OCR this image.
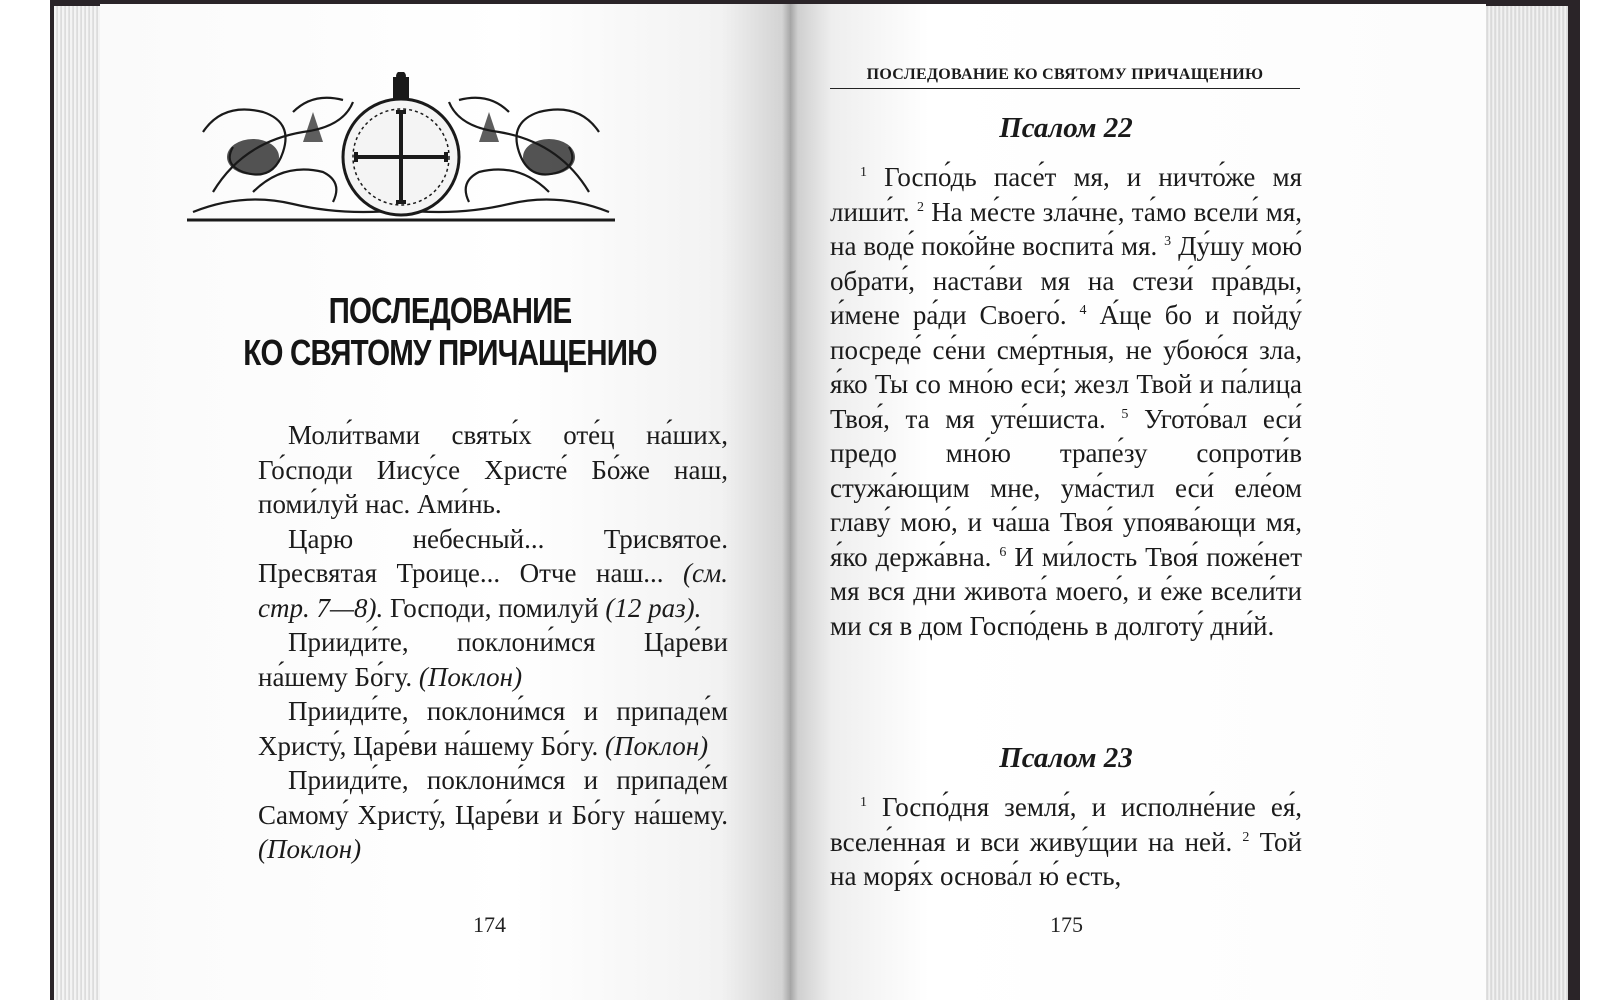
ПОСЛЕДОВАНИЕ
КО СВЯТОМУ ПРИЧАЩЕНИЮ

Моли́твами святы́х оте́ц на́ших, Го́споди Иису́се Христе́ Бо́же наш, поми́луй нас. Ами́нь.

Царю небесный... Трисвятое. Пресвятая Троице... Отче наш... (см. стр. 7—8). Господи, помилуй (12 раз).

Прииди́те, поклони́мся Царе́ви на́шему Бо́гу. (Поклон)

Прииди́те, поклони́мся и припаде́м Христу́, Царе́ви на́шему Бо́гу. (Поклон)

Прииди́те, поклони́мся и припаде́м Самому́ Христу́, Царе́ви и Бо́гу на́шему. (Поклон)

174
ПОСЛЕДОВАНИЕ КО СВЯТОМУ ПРИЧАЩЕНИЮ
Псалом 22

$^1$ Госпо́дь пасе́т мя, и ничто́же мя лиши́т. $^2$ На ме́сте зла́чне, та́мо всели́ мя, на воде́ поко́йне воспита́ мя. $^3$ Ду́шу мою́ обрати́, наста́ви мя на стези́ пра́вды, и́мене ра́ди Своего́. $^4$ А́ще бо и пойду́ посреде́ се́ни сме́ртныя, не убою́ся зла, я́ко Ты со мно́ю еси́; жезл Твой и па́лица Твоя́, та мя уте́шиста. $^5$ Угото́вал еси́ предо мно́ю трапе́зу сопроти́в стужа́ющим мне, ума́стил еси́ еле́ом главу́ мою́, и ча́ша Твоя́ упоява́ющи мя, я́ко держа́вна. $^6$ И ми́лость Твоя́ поже́нет мя вся дни живота́ моего́, и е́же всели́ти ми ся в дом Госпо́день в долготу́ дни́й.

Псалом 23

$^1$ Госпо́дня земля́, и исполне́ние ея́, вселе́нная и вси живу́щии на ней. $^2$ Той на моря́х основа́л ю́ есть,

175
